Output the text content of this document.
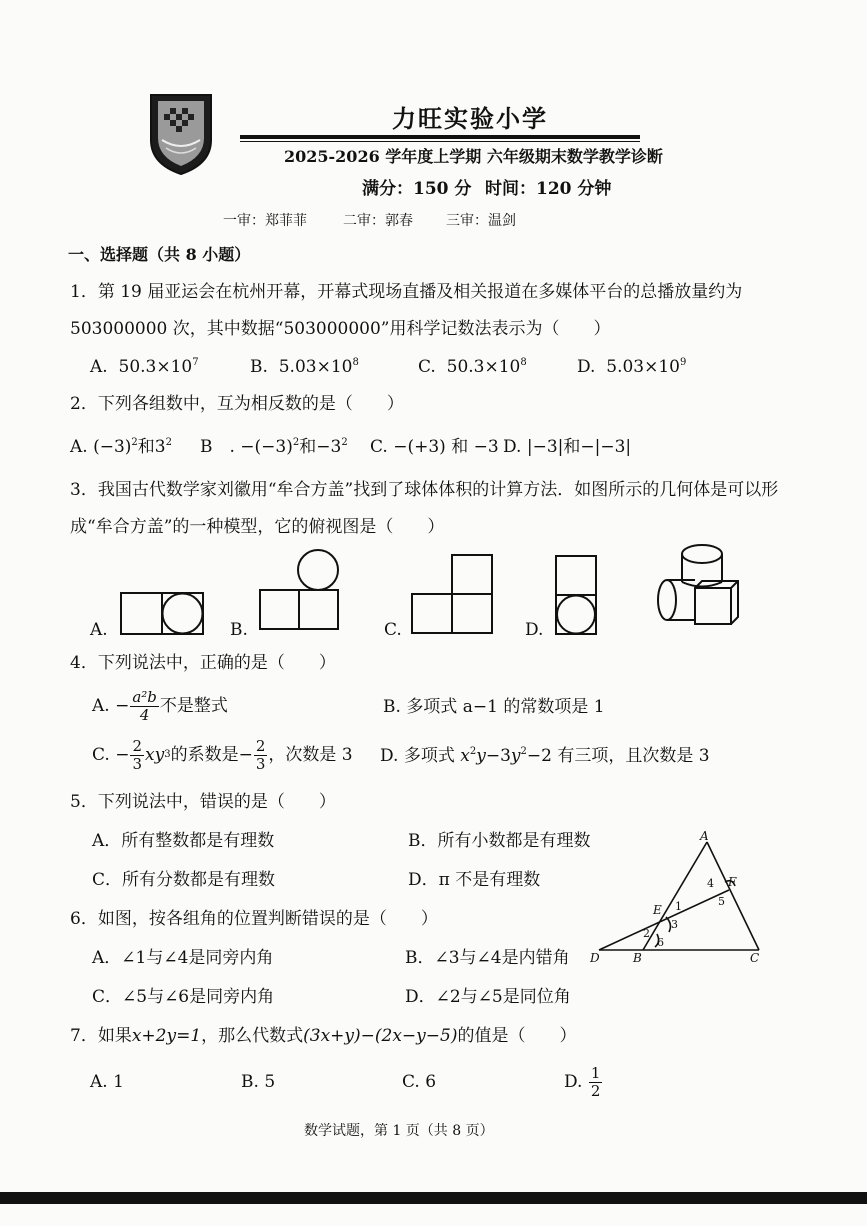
力旺实验小学
2025-2026 学年度上学期 六年级期末数学教学诊断
满分：150 分 时间：120 分钟
一审：郑菲菲	二审：郭春 三审：温剑
一、选择题（共 8 小题）
1．第 19 届亚运会在杭州开幕，开幕式现场直播及相关报道在多媒体平台的总播放量约为
503000000 次，其中数据“503000000”用科学记数法表示为（　　）
A. $50.3\times 10^7$	B. $5.03\times 10^8$	C. $50.3\times 10^8$	D. $5.03\times 10^9$
2．下列各组数中，互为相反数的是（　　）
A. $(-3)^2$和$3^2$ B　. $-(-3)^2$和$-3^2$ C. −(+3) 和 −3 D. |−3|和−|−3|
3．我国古代数学家刘徽用“牟合方盖”找到了球体体积的计算方法．如图所示的几何体是可以形
成“牟合方盖”的一种模型，它的俯视图是（　　）
A.	B.	C.	D.
4．下列说法中，正确的是（　　）
A. − $\frac{\text{a²b}}{4}$ 不是整式	B. 多项式 a−1 的常数项是 1
C. − $\frac{2}{3}$ xy 3 的系数是 − $\frac{2}{3}$ ，次数是 3 D. 多项式 $x^2y-3y^2-2$ 有三项，且次数是 3
5．下列说法中，错误的是（　　）
A．所有整数都是有理数	B．所有小数都是有理数
C．所有分数都是有理数	D．π 不是有理数
6．如图，按各组角的位置判断错误的是（　　）
A．∠1与∠4是同旁内角	B．∠3与∠4是内错角
C．∠5与∠6是同旁内角	D．∠2与∠5是同位角
A
F
E
D	B	C
1
2
3
4
5
6
7．如果x+2y=1，那么代数式(3x+y)−(2x−y−5)的值是（　　）
A. 1	B. 5	C. 6	D.
$\frac{1}{2}$
数学试题，第 1 页（共 8 页）
